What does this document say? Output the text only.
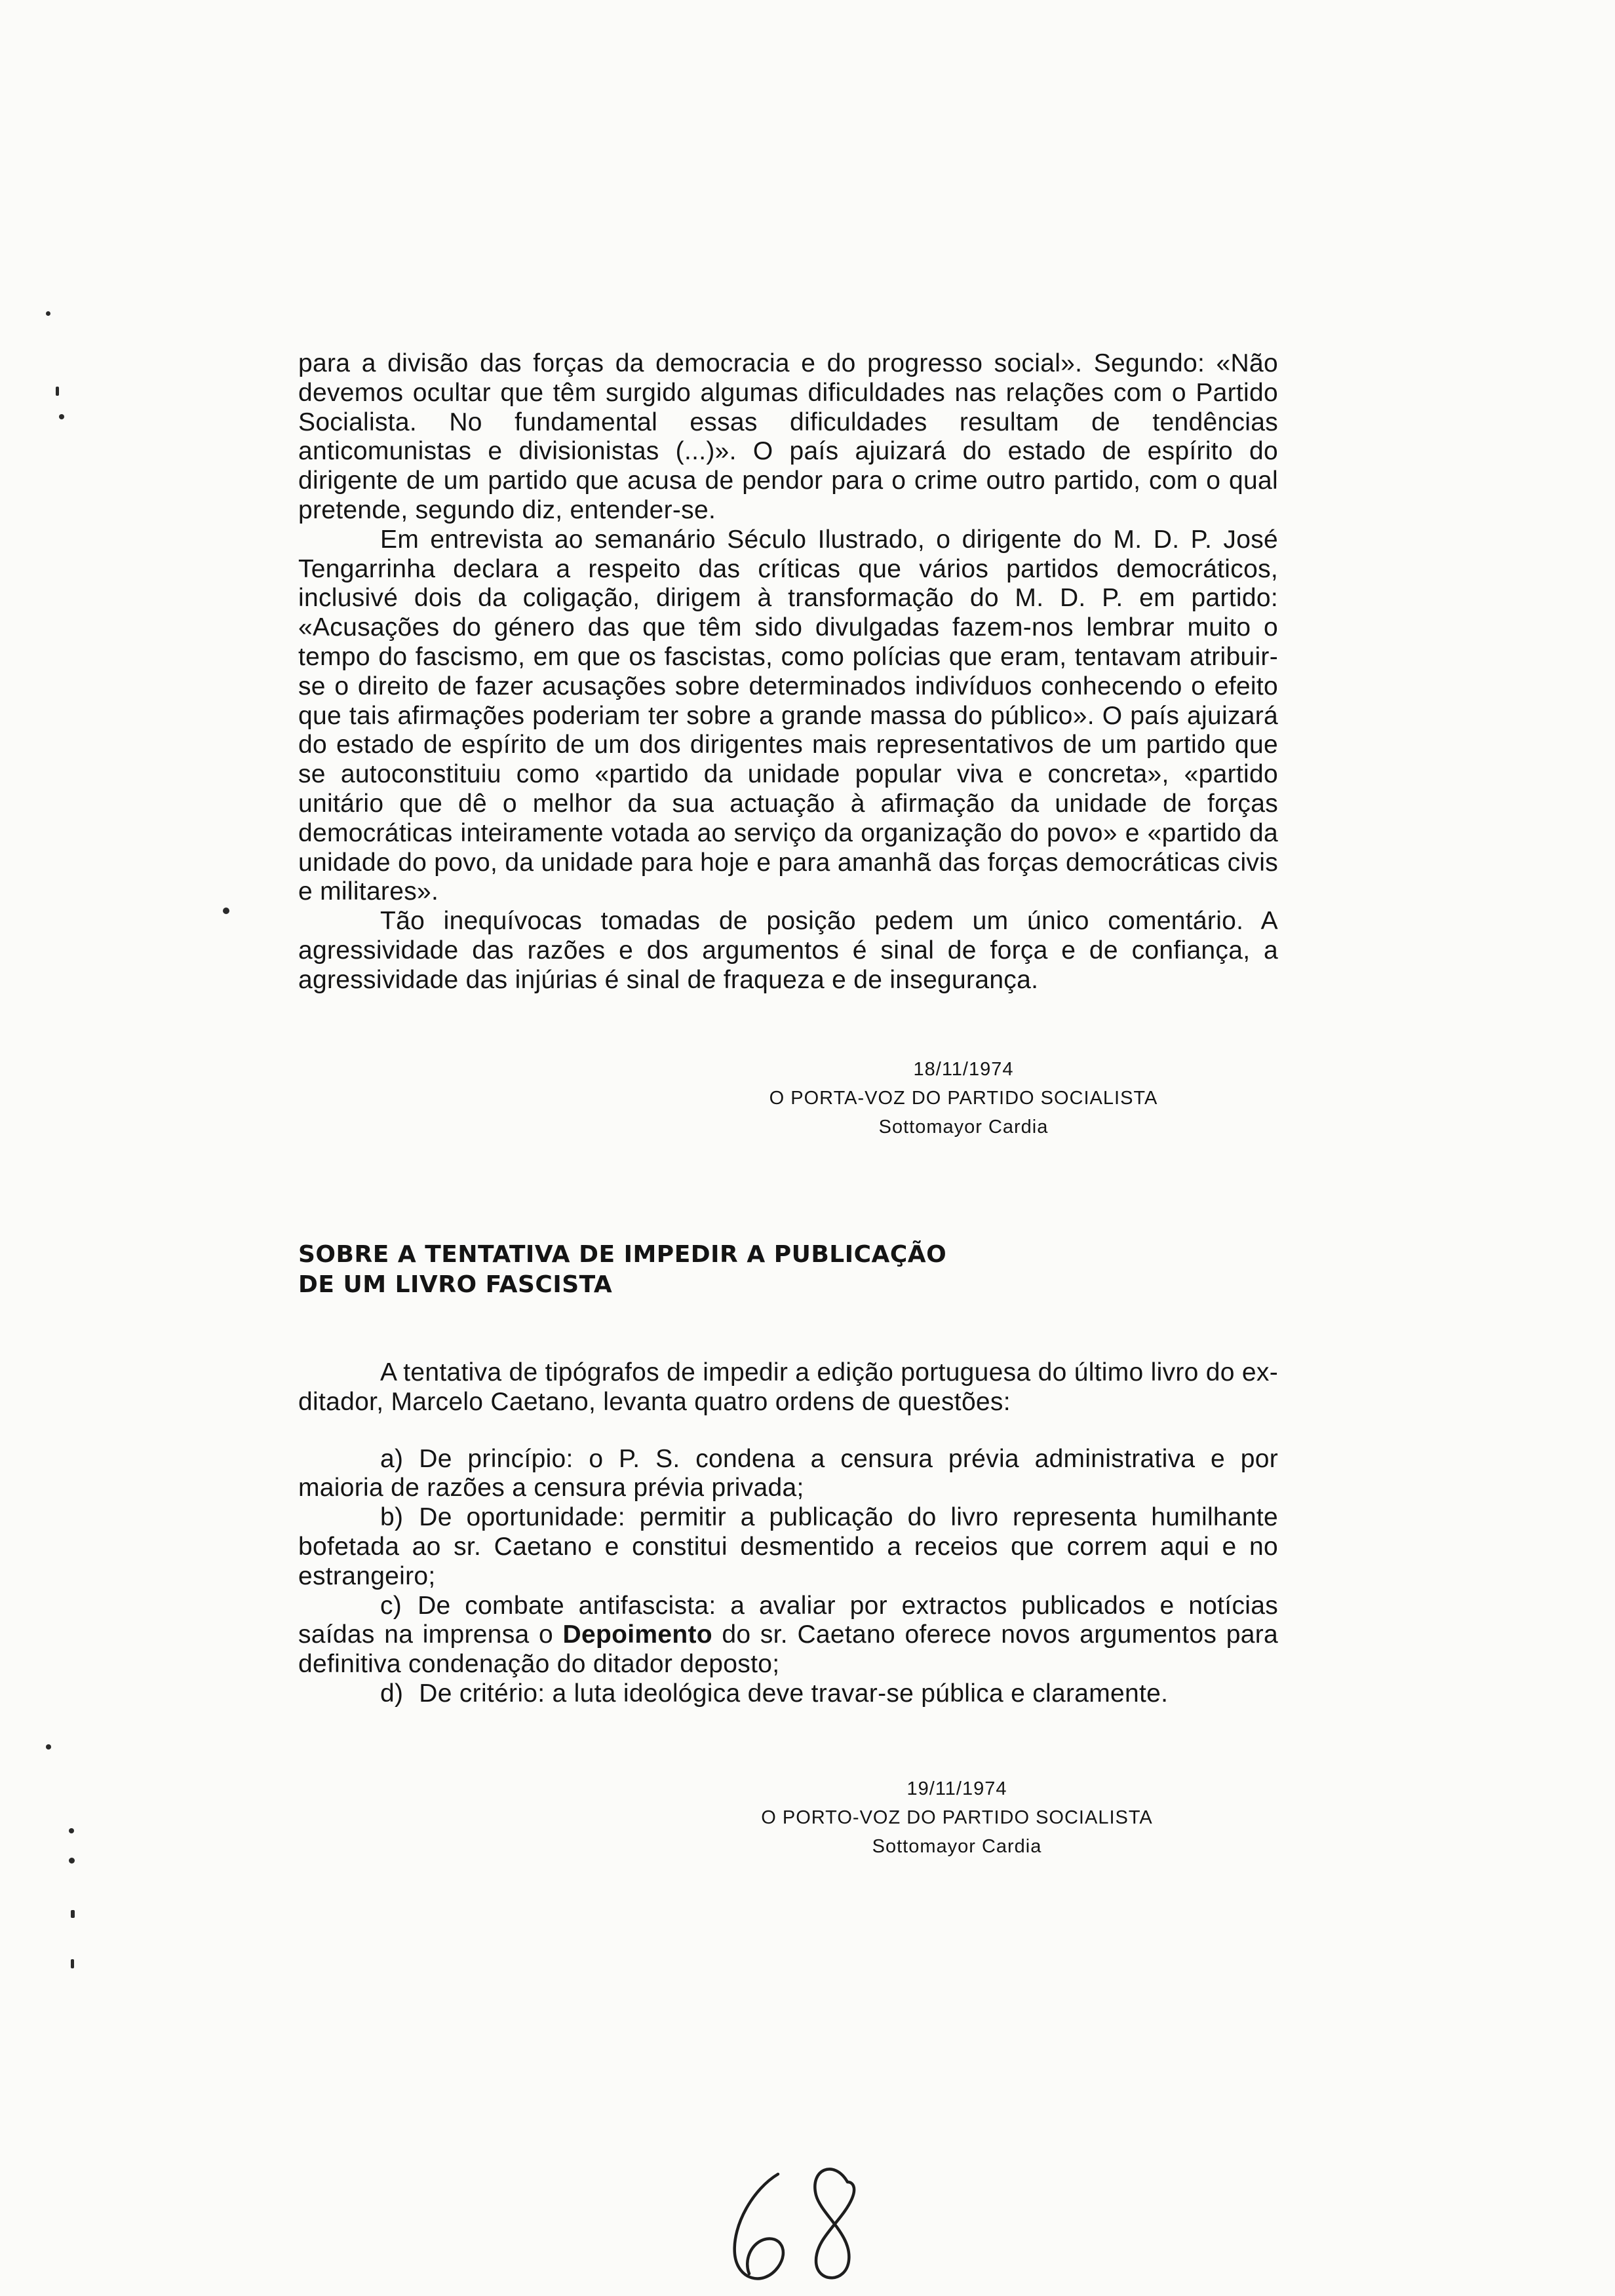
para a divisão das forças da democracia e do progresso social». Segundo: «Não devemos ocultar que têm surgido algumas dificuldades nas relações com o Partido Socialista. No fundamental essas dificuldades resultam de tendências anticomunistas e divisionistas (...)». O país ajuizará do estado de espírito do dirigente de um partido que acusa de pendor para o crime outro partido, com o qual pretende, segundo diz, entender-se.

Em entrevista ao semanário Século Ilustrado, o dirigente do M. D. P. José Tengarrinha declara a respeito das críticas que vários partidos democráticos, inclusivé dois da coligação, dirigem à transformação do M. D. P. em partido: «Acusações do género das que têm sido divulgadas fazem-nos lembrar muito o tempo do fascismo, em que os fascistas, como polícias que eram, tentavam atribuir-se o direito de fazer acusações sobre determinados indivíduos conhecendo o efeito que tais afirmações poderiam ter sobre a grande massa do público». O país ajuizará do estado de espírito de um dos dirigentes mais representativos de um partido que se autoconstituiu como «partido da unidade popular viva e concreta», «partido unitário que dê o melhor da sua actuação à afirmação da unidade de forças democráticas inteiramente votada ao serviço da organização do povo» e «partido da unidade do povo, da unidade para hoje e para amanhã das forças democráticas civis e militares».

Tão inequívocas tomadas de posição pedem um único comentário. A agressividade das razões e dos argumentos é sinal de força e de confiança, a agressividade das injúrias é sinal de fraqueza e de insegurança.

18/11/1974
O PORTA-VOZ DO PARTIDO SOCIALISTA
Sottomayor Cardia
SOBRE A TENTATIVA DE IMPEDIR A PUBLICAÇÃO
DE UM LIVRO FASCISTA

A tentativa de tipógrafos de impedir a edição portuguesa do último livro do ex-ditador, Marcelo Caetano, levanta quatro ordens de questões:

a) De princípio: o P. S. condena a censura prévia administrativa e por maioria de razões a censura prévia privada;

b) De oportunidade: permitir a publicação do livro representa humilhante bofetada ao sr. Caetano e constitui desmentido a receios que correm aqui e no estrangeiro;

c) De combate antifascista: a avaliar por extractos publicados e notícias saídas na imprensa o Depoimento do sr. Caetano oferece novos argumentos para definitiva condenação do ditador deposto;

d) De critério: a luta ideológica deve travar-se pública e claramente.

19/11/1974
O PORTO-VOZ DO PARTIDO SOCIALISTA
Sottomayor Cardia
